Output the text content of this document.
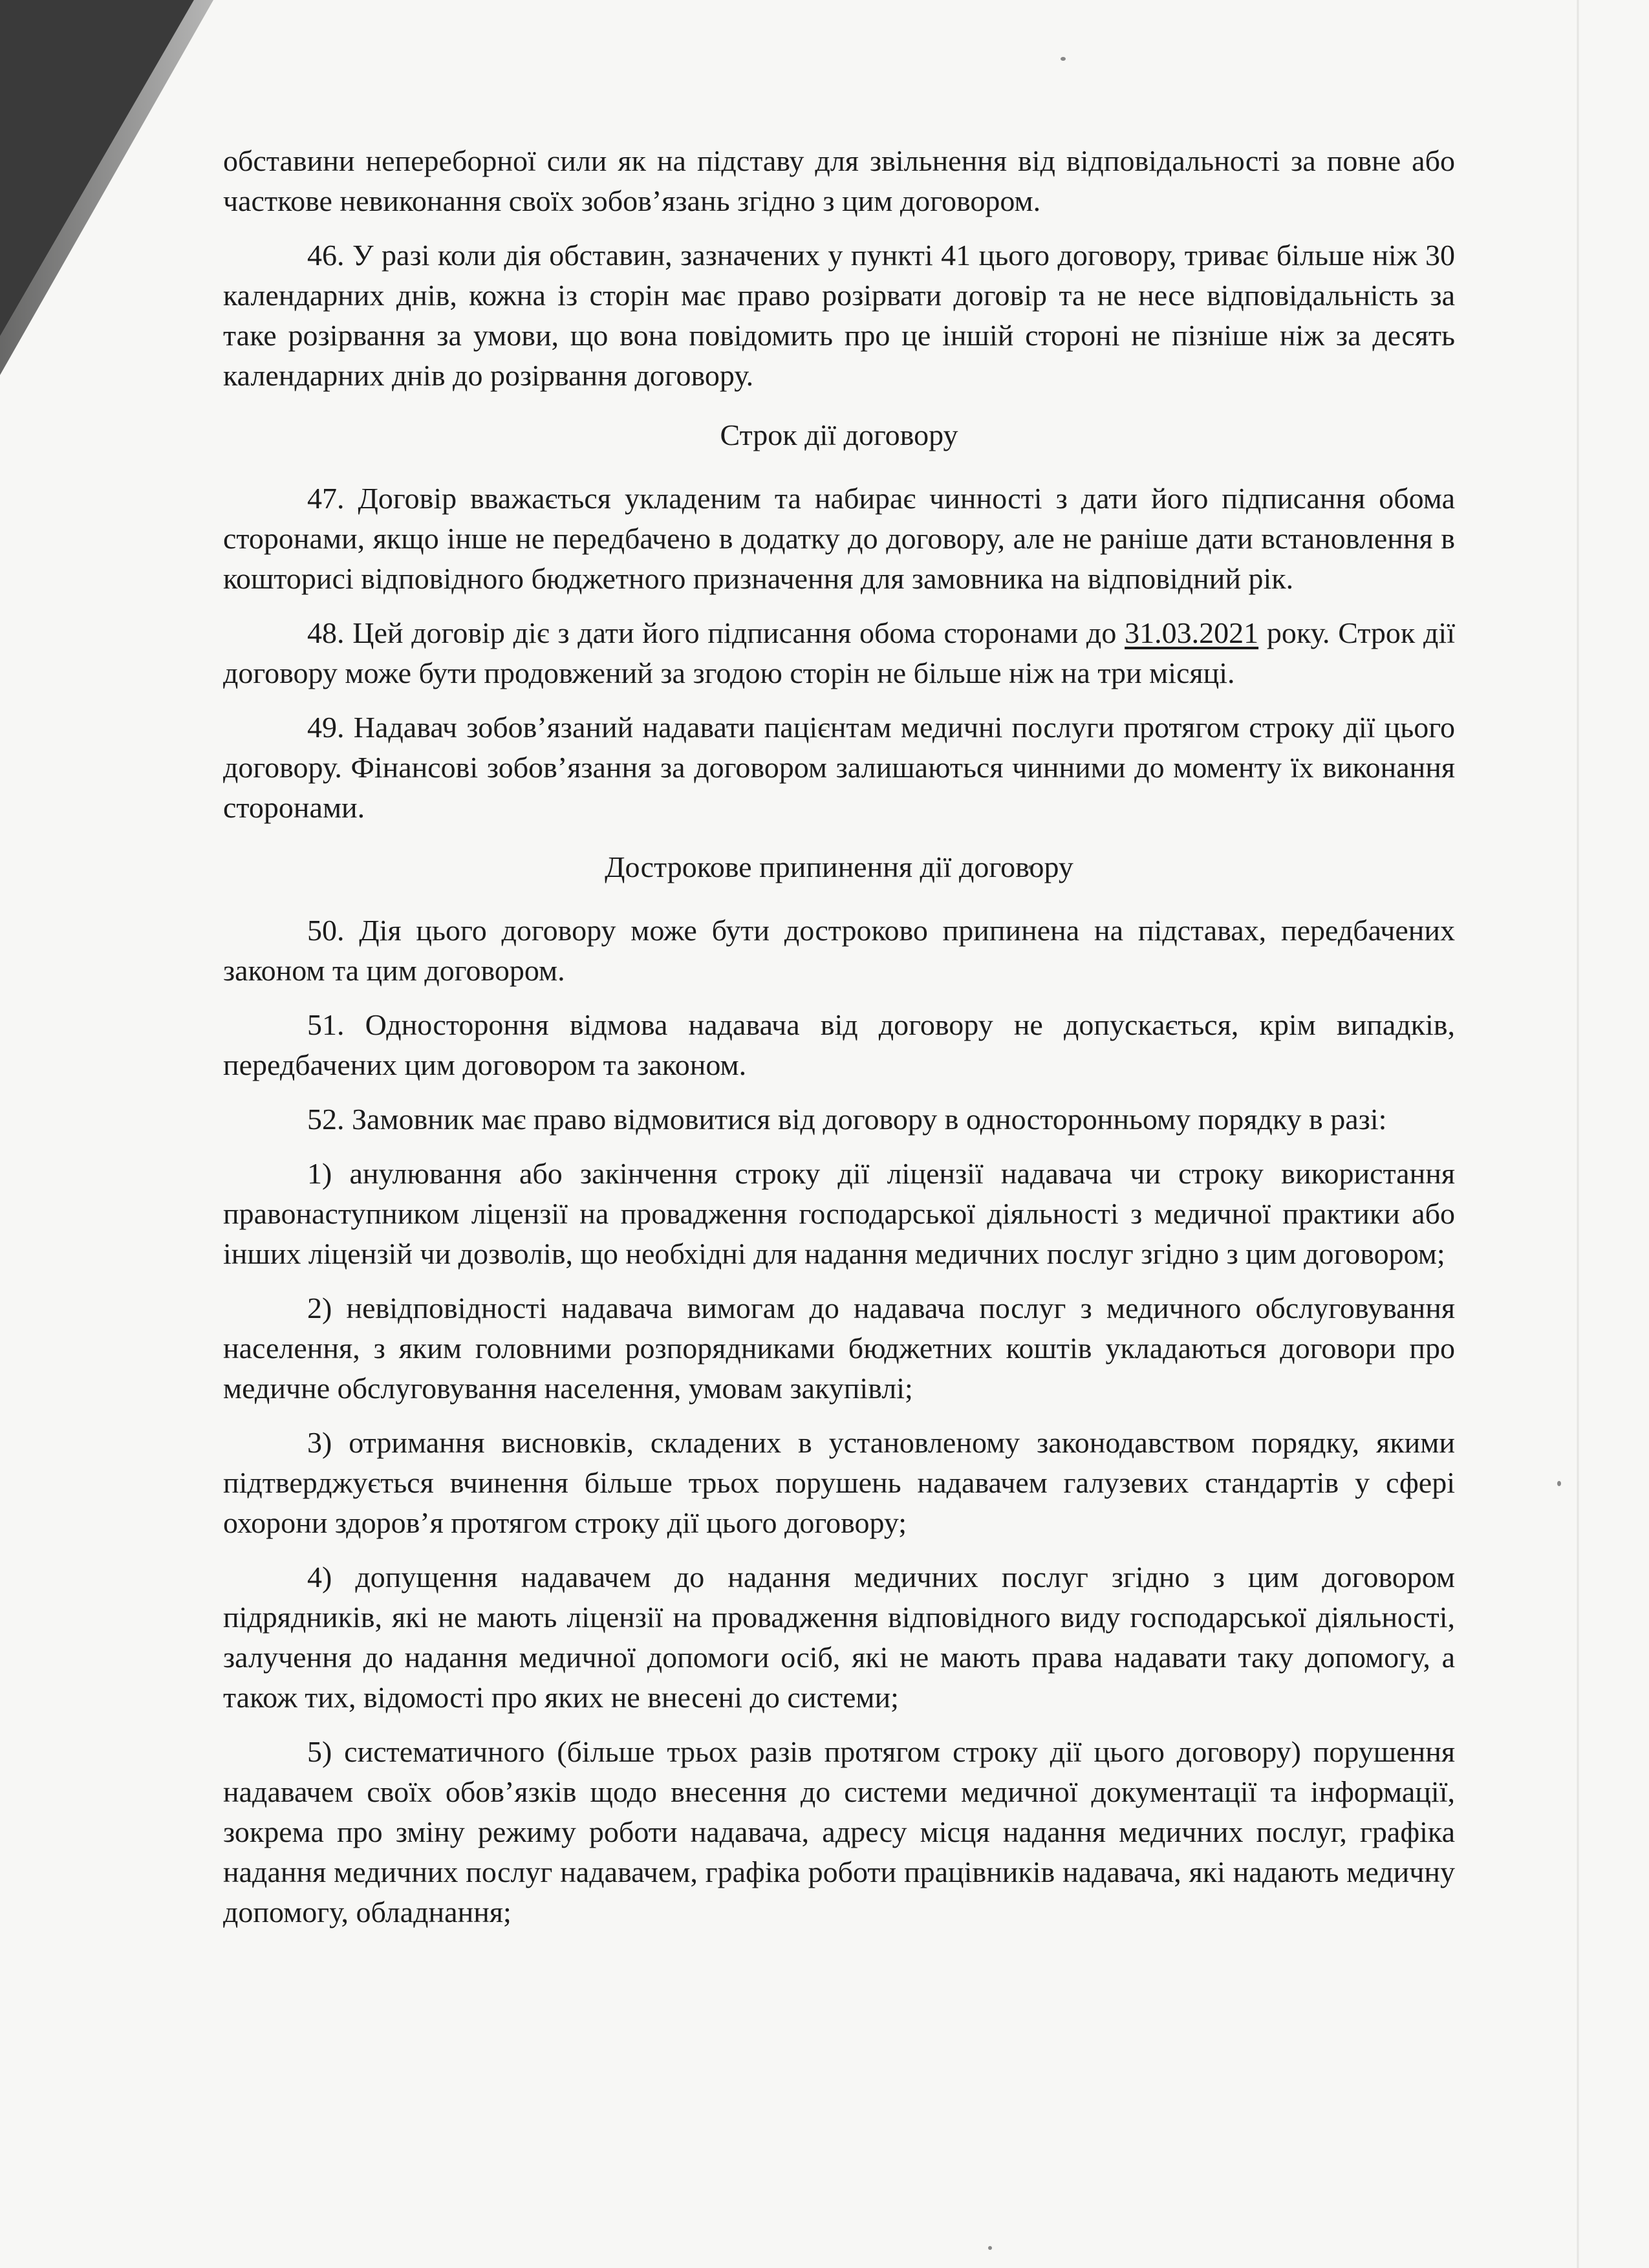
обставини непереборної сили як на підставу для звільнення від відповідальності за повне або часткове невиконання своїх зобов’язань згідно з цим договором.

46. У разі коли дія обставин, зазначених у пункті 41 цього договору, триває більше ніж 30 календарних днів, кожна із сторін має право розірвати договір та не несе відповідальність за таке розірвання за умови, що вона повідомить про це іншій стороні не пізніше ніж за десять календарних днів до розірвання договору.

Строк дії договору

47. Договір вважається укладеним та набирає чинності з дати його підписання обома сторонами, якщо інше не передбачено в додатку до договору, але не раніше дати встановлення в кошторисі відповідного бюджетного призначення для замовника на відповідний рік.

48. Цей договір діє з дати його підписання обома сторонами до 31.03.2021 року. Строк дії договору може бути продовжений за згодою сторін не більше ніж на три місяці.

49. Надавач зобов’язаний надавати пацієнтам медичні послуги протягом строку дії цього договору. Фінансові зобов’язання за договором залишаються чинними до моменту їх виконання сторонами.

Дострокове припинення дії договору

50. Дія цього договору може бути достроково припинена на підставах, передбачених законом та цим договором.

51. Одностороння відмова надавача від договору не допускається, крім випадків, передбачених цим договором та законом.

52. Замовник має право відмовитися від договору в односторонньому порядку в разі:

1) анулювання або закінчення строку дії ліцензії надавача чи строку використання правонаступником ліцензії на провадження господарської діяльності з медичної практики або інших ліцензій чи дозволів, що необхідні для надання медичних послуг згідно з цим договором;

2) невідповідності надавача вимогам до надавача послуг з медичного обслуговування населення, з яким головними розпорядниками бюджетних коштів укладаються договори про медичне обслуговування населення, умовам закупівлі;

3) отримання висновків, складених в установленому законодавством порядку, якими підтверджується вчинення більше трьох порушень надавачем галузевих стандартів у сфері охорони здоров’я протягом строку дії цього договору;

4) допущення надавачем до надання медичних послуг згідно з цим договором підрядників, які не мають ліцензії на провадження відповідного виду господарської діяльності, залучення до надання медичної допомоги осіб, які не мають права надавати таку допомогу, а також тих, відомості про яких не внесені до системи;

5) систематичного (більше трьох разів протягом строку дії цього договору) порушення надавачем своїх обов’язків щодо внесення до системи медичної документації та інформації, зокрема про зміну режиму роботи надавача, адресу місця надання медичних послуг, графіка надання медичних послуг надавачем, графіка роботи працівників надавача, які надають медичну допомогу, обладнання;
